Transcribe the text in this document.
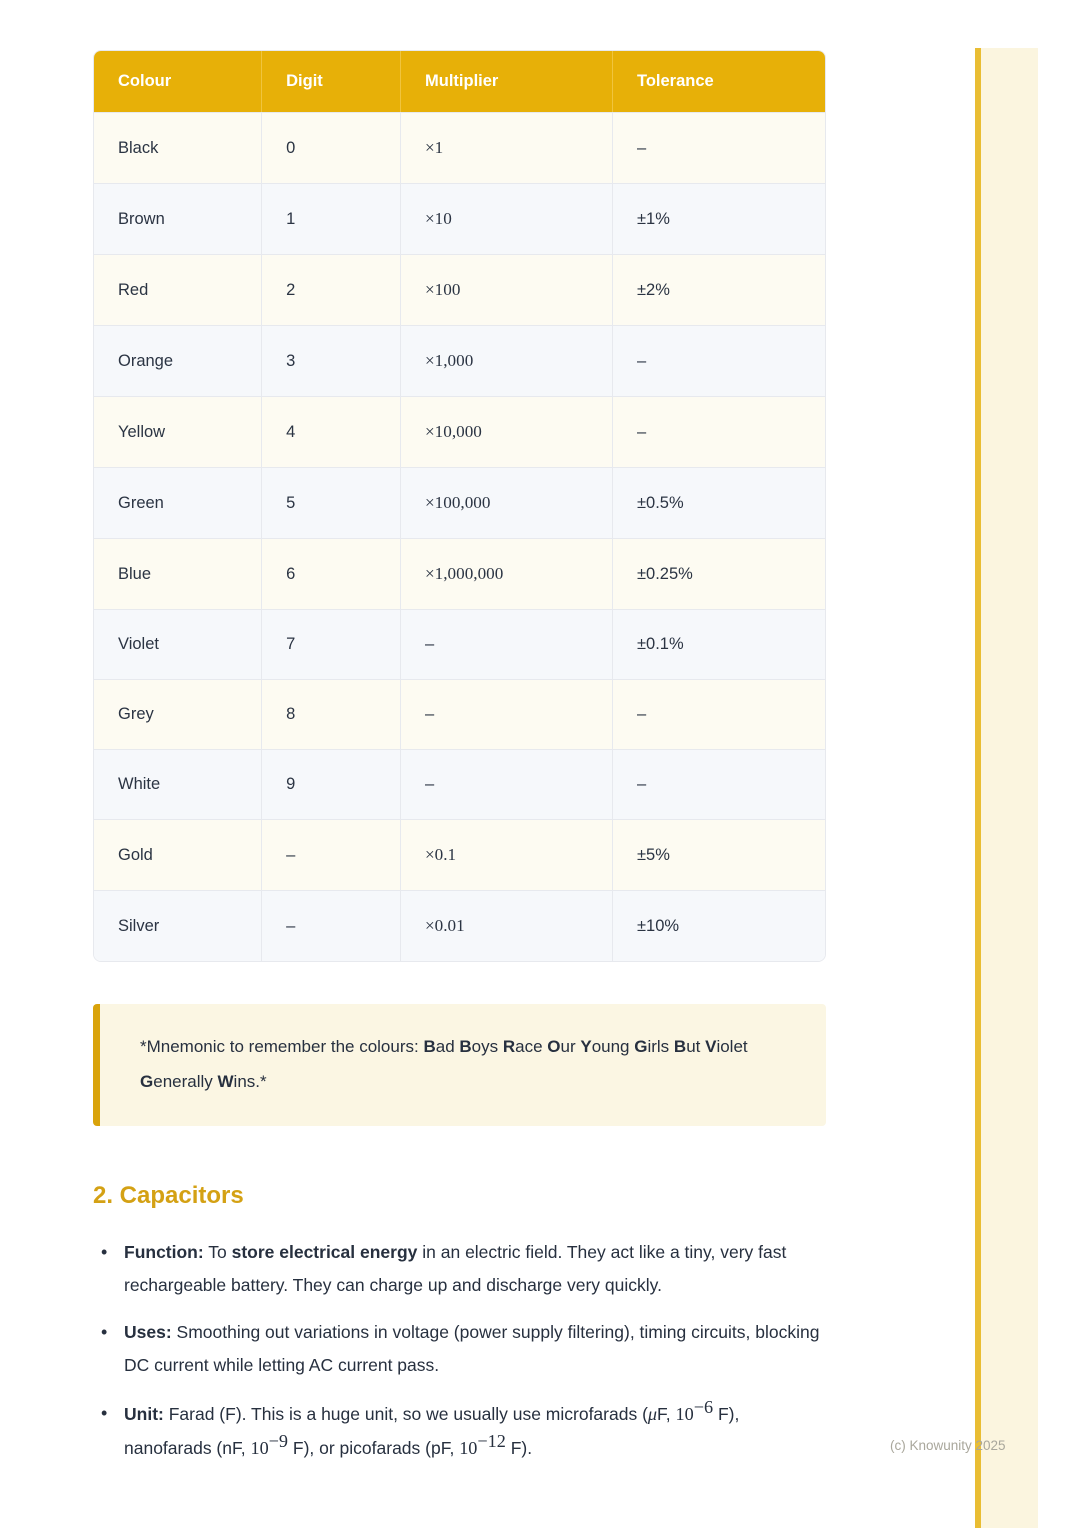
Colour	Digit	Multiplier	Tolerance
Black	0	×1	–
Brown	1	×10	±1%
Red	2	×100	±2%
Orange	3	×1,000	–
Yellow	4	×10,000	–
Green	5	×100,000	±0.5%
Blue	6	×1,000,000	±0.25%
Violet	7	–	±0.1%
Grey	8	–	–
White	9	–	–
Gold	–	×0.1	±5%
Silver	–	×0.01	±10%
*Mnemonic to remember the colours: Bad Boys Race Our Young Girls But Violet Generally Wins.*
2. Capacitors
• Function: To store electrical energy in an electric field. They act like a tiny, very fast rechargeable battery. They can charge up and discharge very quickly.
• Uses: Smoothing out variations in voltage (power supply filtering), timing circuits, blocking DC current while letting AC current pass.
• Unit: Farad (F). This is a huge unit, so we usually use microfarads (μF, $10^{-6}$ F), nanofarads (nF, $10^{-9}$ F), or picofarads (pF, $10^{-12}$ F).	(c) Knowunity 2025
